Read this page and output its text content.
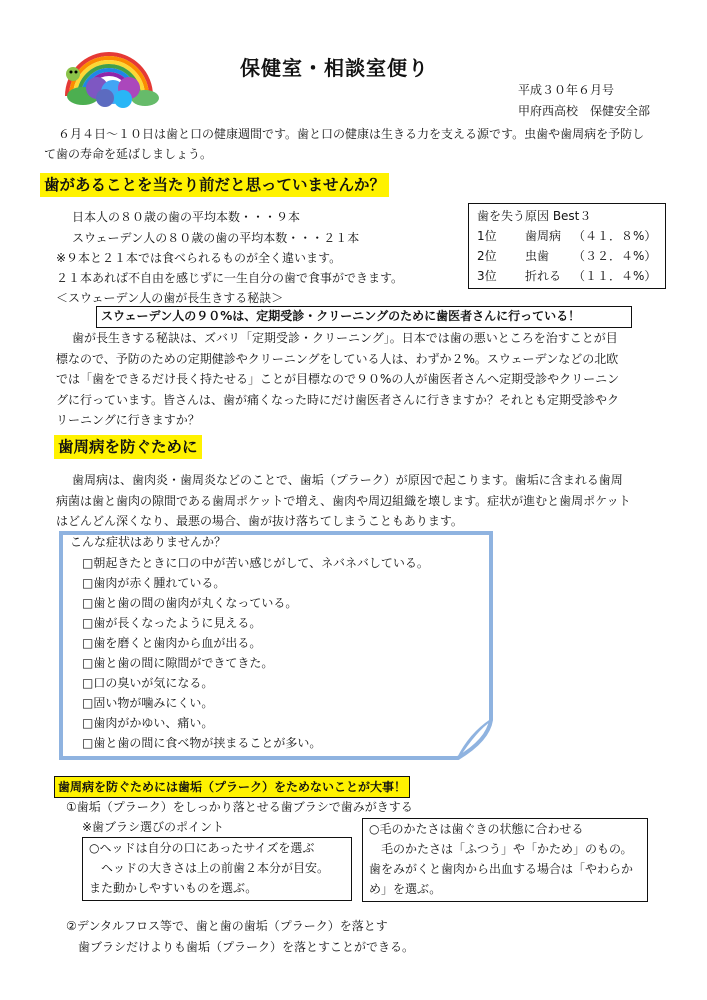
保健室・相談室便り
平成３０年６月号
甲府西高校　保健安全部
６月４日～１０日は歯と口の健康週間です。歯と口の健康は生きる力を支える源です。虫歯や歯周病を予防し
て歯の寿命を延ばしましょう。
歯があることを当たり前だと思っていませんか？
日本人の８０歳の歯の平均本数・・・９本
スウェーデン人の８０歳の歯の平均本数・・・２１本
※９本と２１本では食べられるものが全く違います。
２１本あれば不自由を感じずに一生自分の歯で食事ができます。
＜スウェーデン人の歯が長生きする秘訣＞
歯を失う原因 Best３
1位 歯周病 （４１．８%）
2位 虫歯 （３２．４%）
3位 折れる （１１．４%）
スウェーデン人の９０%は、定期受診・クリーニングのために歯医者さんに行っている！
歯が長生きする秘訣は、ズバリ「定期受診・クリーニング」。日本では歯の悪いところを治すことが目
標なので、予防のための定期健診やクリーニングをしている人は、わずか２%。スウェーデンなどの北欧
では「歯をできるだけ長く持たせる」ことが目標なので９０%の人が歯医者さんへ定期受診やクリーニン
グに行っています。皆さんは、歯が痛くなった時にだけ歯医者さんに行きますか？それとも定期受診やク
リーニングに行きますか？
歯周病を防ぐために
歯周病は、歯肉炎・歯周炎などのことで、歯垢（プラーク）が原因で起こります。歯垢に含まれる歯周
病菌は歯と歯肉の隙間である歯周ポケットで増え、歯肉や周辺組織を壊します。症状が進むと歯周ポケット
はどんどん深くなり、最悪の場合、歯が抜け落ちてしまうこともあります。
こんな症状はありませんか？
□朝起きたときに口の中が苦い感じがして、ネバネバしている。
□歯肉が赤く腫れている。
□歯と歯の間の歯肉が丸くなっている。
□歯が長くなったように見える。
□歯を磨くと歯肉から血が出る。
□歯と歯の間に隙間ができてきた。
□口の臭いが気になる。
□固い物が噛みにくい。
□歯肉がかゆい、痛い。
□歯と歯の間に食べ物が挟まることが多い。
歯周病を防ぐためには歯垢（プラーク）をためないことが大事！
①歯垢（プラーク）をしっかり落とせる歯ブラシで歯みがきする
※歯ブラシ選びのポイント
○ヘッドは自分の口にあったサイズを選ぶ
　ヘッドの大きさは上の前歯２本分が目安。
また動かしやすいものを選ぶ。
○毛のかたさは歯ぐきの状態に合わせる
　毛のかたさは「ふつう」や「かため」のもの。
歯をみがくと歯肉から出血する場合は「やわらか
め」を選ぶ。
②デンタルフロス等で、歯と歯の歯垢（プラーク）を落とす
　歯ブラシだけよりも歯垢（プラーク）を落とすことができる。
